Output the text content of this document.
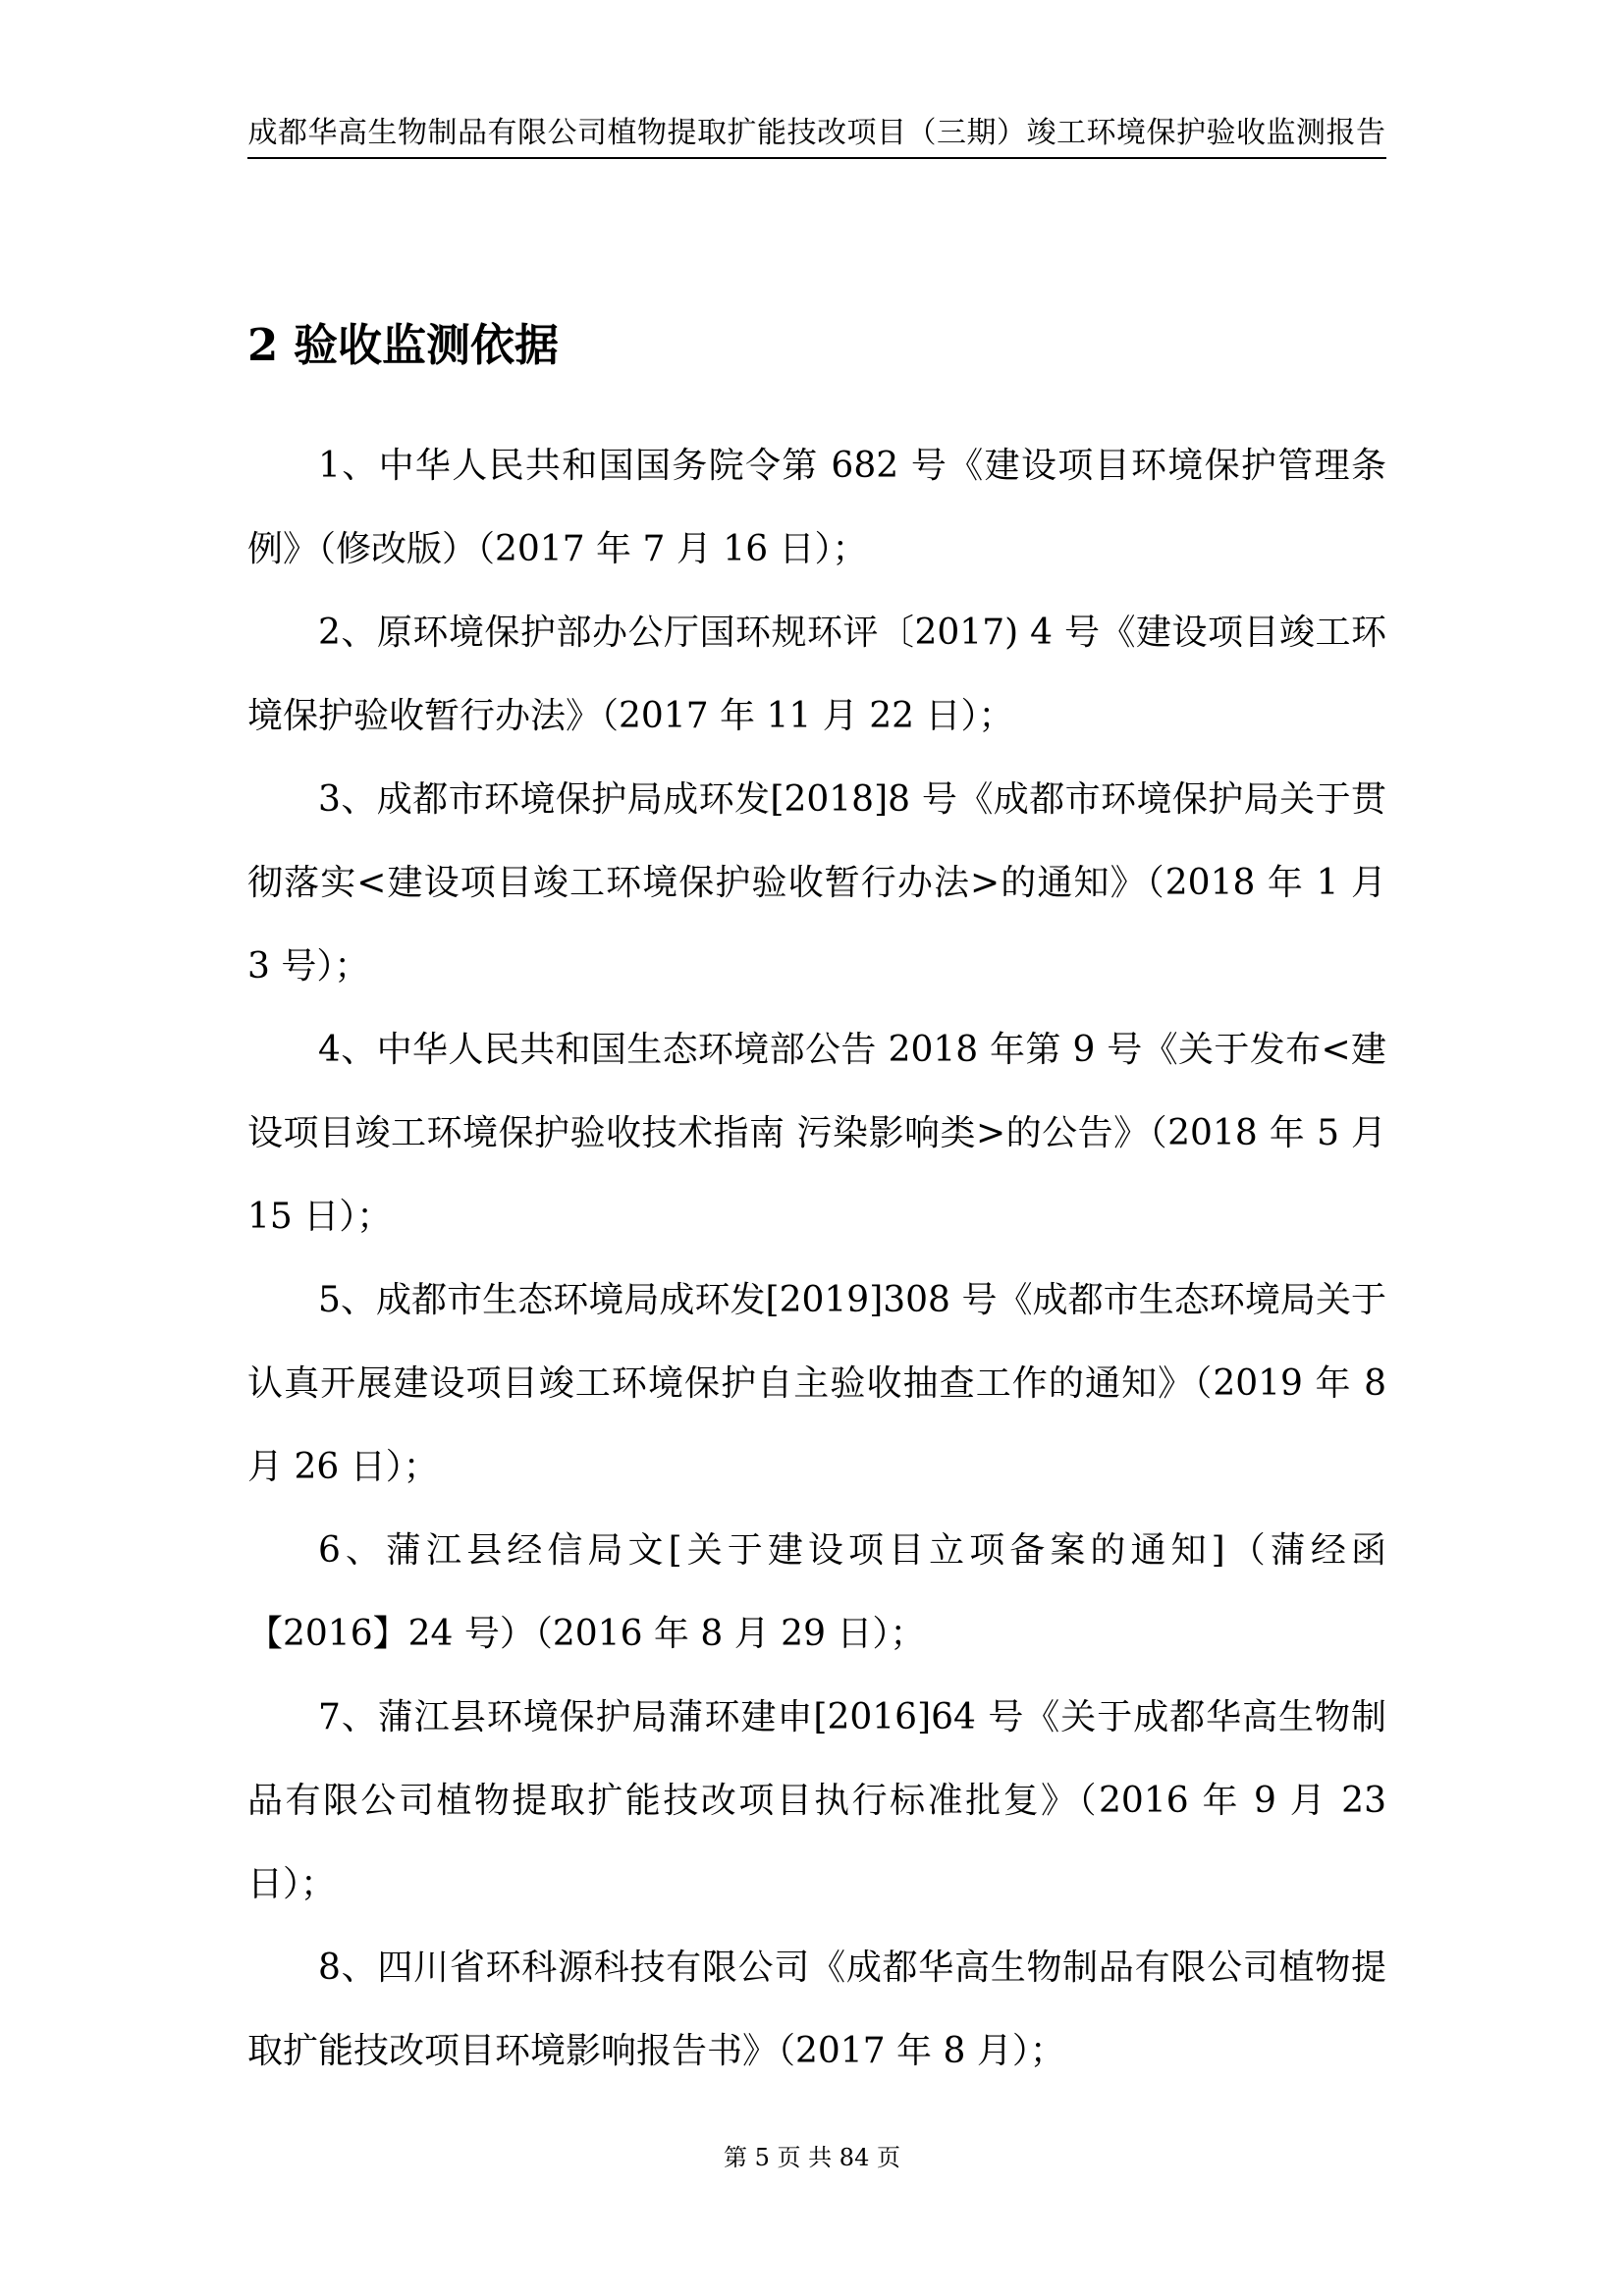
成都华高生物制品有限公司植物提取扩能技改项目（三期）竣工环境保护验收监测报告
2 验收监测依据

1、中华人民共和国国务院令第 682 号《建设项目环境保护管理条例》（修改版）（2017 年 7 月 16 日）；

2、原环境保护部办公厅国环规环评〔2017) 4 号《建设项目竣工环境保护验收暂行办法》（2017 年 11 月 22 日）；

3、成都市环境保护局成环发[2018]8 号《成都市环境保护局关于贯彻落实<建设项目竣工环境保护验收暂行办法>的通知》（2018 年 1 月 3 号）；

4、中华人民共和国生态环境部公告 2018 年第 9 号《关于发布<建设项目竣工环境保护验收技术指南 污染影响类>的公告》（2018 年 5 月 15 日）；

5、成都市生态环境局成环发[2019]308 号《成都市生态环境局关于认真开展建设项目竣工环境保护自主验收抽查工作的通知》（2019 年 8 月 26 日）；

6、蒲江县经信局文[关于建设项目立项备案的通知]（蒲经函【2016】24 号）（2016 年 8 月 29 日）；

7、蒲江县环境保护局蒲环建申[2016]64 号《关于成都华高生物制品有限公司植物提取扩能技改项目执行标准批复》（2016 年 9 月 23 日）；

8、四川省环科源科技有限公司《成都华高生物制品有限公司植物提取扩能技改项目环境影响报告书》（2017 年 8 月）；

第 5 页 共 84 页
